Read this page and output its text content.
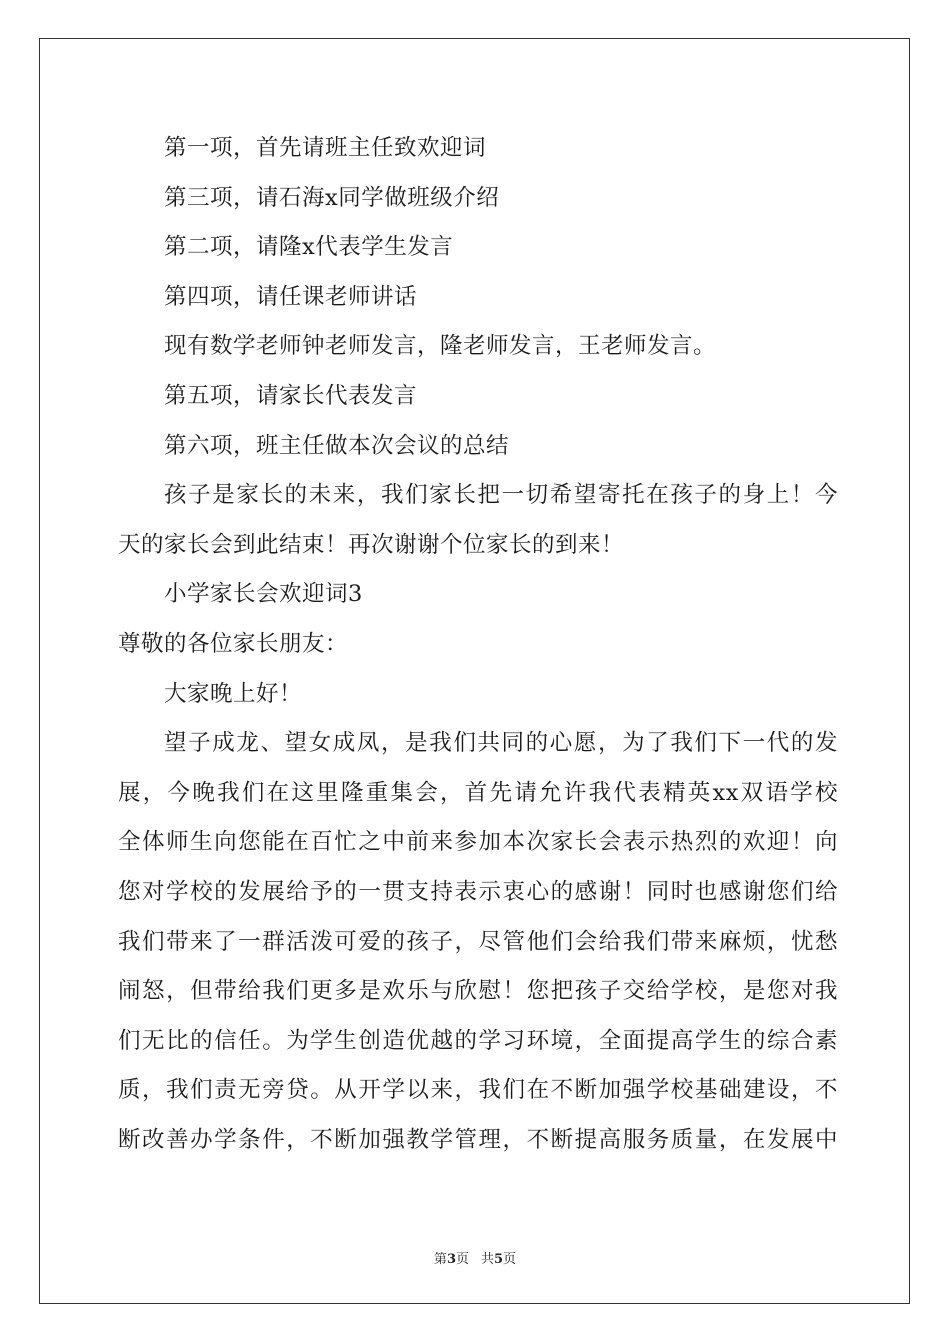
第一项，首先请班主任致欢迎词
第三项，请石海x同学做班级介绍
第二项，请隆x代表学生发言
第四项，请任课老师讲话
现有数学老师钟老师发言，隆老师发言，王老师发言。
第五项，请家长代表发言
第六项，班主任做本次会议的总结
孩子是家长的未来，我们家长把一切希望寄托在孩子的身上！今
天的家长会到此结束！再次谢谢个位家长的到来！
小学家长会欢迎词3
尊敬的各位家长朋友：
大家晚上好！
望子成龙、望女成凤，是我们共同的心愿，为了我们下一代的发
展，今晚我们在这里隆重集会，首先请允许我代表精英xx双语学校
全体师生向您能在百忙之中前来参加本次家长会表示热烈的欢迎！向
您对学校的发展给予的一贯支持表示衷心的感谢！同时也感谢您们给
我们带来了一群活泼可爱的孩子，尽管他们会给我们带来麻烦，忧愁
闹怒，但带给我们更多是欢乐与欣慰！您把孩子交给学校，是您对我
们无比的信任。为学生创造优越的学习环境，全面提高学生的综合素
质，我们责无旁贷。从开学以来，我们在不断加强学校基础建设，不
断改善办学条件，不断加强教学管理，不断提高服务质量，在发展中
第3页 共5页
